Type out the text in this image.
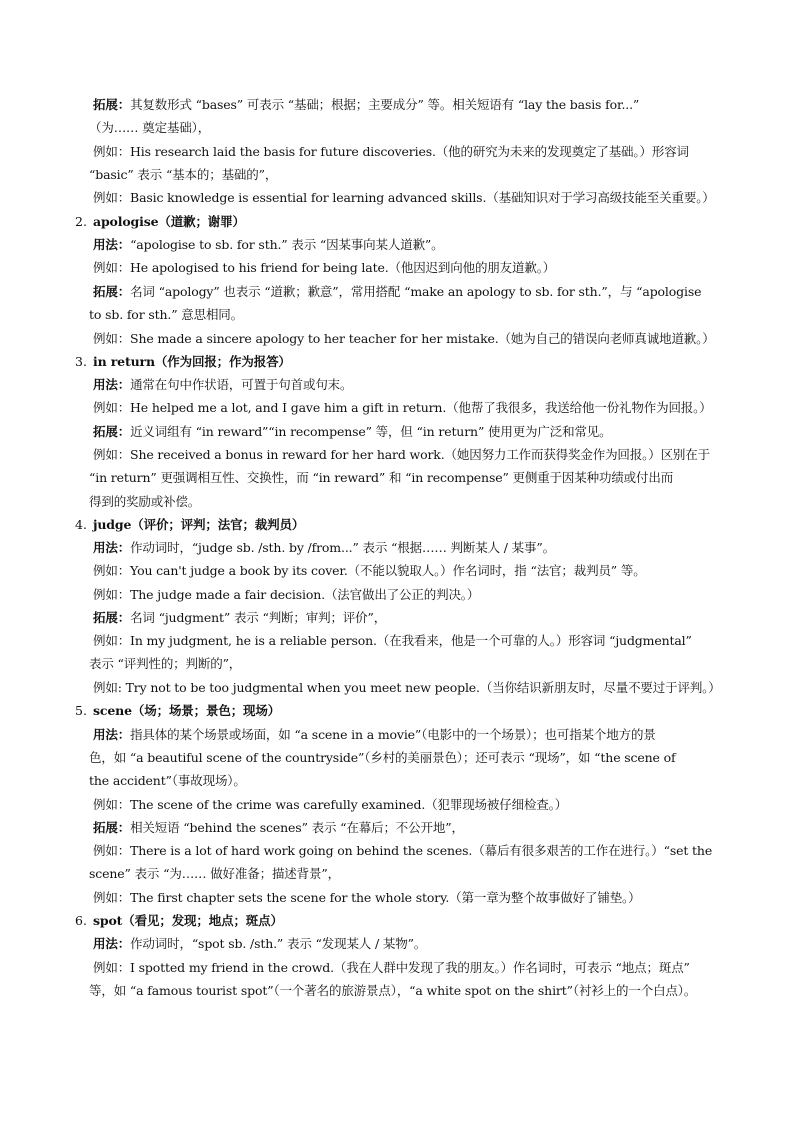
拓展：其复数形式 “bases” 可表示 “基础；根据；主要成分” 等。相关短语有 “lay the basis for...”
（为…… 奠定基础），
例如：His research laid the basis for future discoveries.（他的研究为未来的发现奠定了基础。）形容词
“basic” 表示 “基本的；基础的”，
例如：Basic knowledge is essential for learning advanced skills.（基础知识对于学习高级技能至关重要。）
2. apologise（道歉；谢罪）
用法：“apologise to sb. for sth.” 表示 “因某事向某人道歉”。
例如：He apologised to his friend for being late.（他因迟到向他的朋友道歉。）
拓展：名词 “apology” 也表示 “道歉；歉意”，常用搭配 “make an apology to sb. for sth.”，与 “apologise
to sb. for sth.” 意思相同。
例如：She made a sincere apology to her teacher for her mistake.（她为自己的错误向老师真诚地道歉。）
3. in return（作为回报；作为报答）
用法：通常在句中作状语，可置于句首或句末。
例如：He helped me a lot, and I gave him a gift in return.（他帮了我很多，我送给他一份礼物作为回报。）
拓展：近义词组有 “in reward”“in recompense” 等，但 “in return” 使用更为广泛和常见。
例如：She received a bonus in reward for her hard work.（她因努力工作而获得奖金作为回报。）区别在于
“in return” 更强调相互性、交换性，而 “in reward” 和 “in recompense” 更侧重于因某种功绩或付出而
得到的奖励或补偿。
4. judge（评价；评判；法官；裁判员）
用法：作动词时，“judge sb. /sth. by /from...” 表示 “根据…… 判断某人 / 某事”。
例如：You can't judge a book by its cover.（不能以貌取人。）作名词时，指 “法官；裁判员” 等。
例如：The judge made a fair decision.（法官做出了公正的判决。）
拓展：名词 “judgment” 表示 “判断；审判；评价”，
例如：In my judgment, he is a reliable person.（在我看来，他是一个可靠的人。）形容词 “judgmental”
表示 “评判性的；判断的”，
例如: Try not to be too judgmental when you meet new people.（当你结识新朋友时，尽量不要过于评判。）
5. scene（场；场景；景色；现场）
用法：指具体的某个场景或场面，如 “a scene in a movie”（电影中的一个场景）；也可指某个地方的景
色，如 “a beautiful scene of the countryside”（乡村的美丽景色）；还可表示 “现场”，如 “the scene of
the accident”（事故现场）。
例如：The scene of the crime was carefully examined.（犯罪现场被仔细检查。）
拓展：相关短语 “behind the scenes” 表示 “在幕后；不公开地”，
例如：There is a lot of hard work going on behind the scenes.（幕后有很多艰苦的工作在进行。）“set the
scene” 表示 “为…… 做好准备；描述背景”，
例如：The first chapter sets the scene for the whole story.（第一章为整个故事做好了铺垫。）
6. spot（看见；发现；地点；斑点）
用法：作动词时，“spot sb. /sth.” 表示 “发现某人 / 某物”。
例如：I spotted my friend in the crowd.（我在人群中发现了我的朋友。）作名词时，可表示 “地点；斑点”
等，如 “a famous tourist spot”（一个著名的旅游景点），“a white spot on the shirt”（衬衫上的一个白点）。
